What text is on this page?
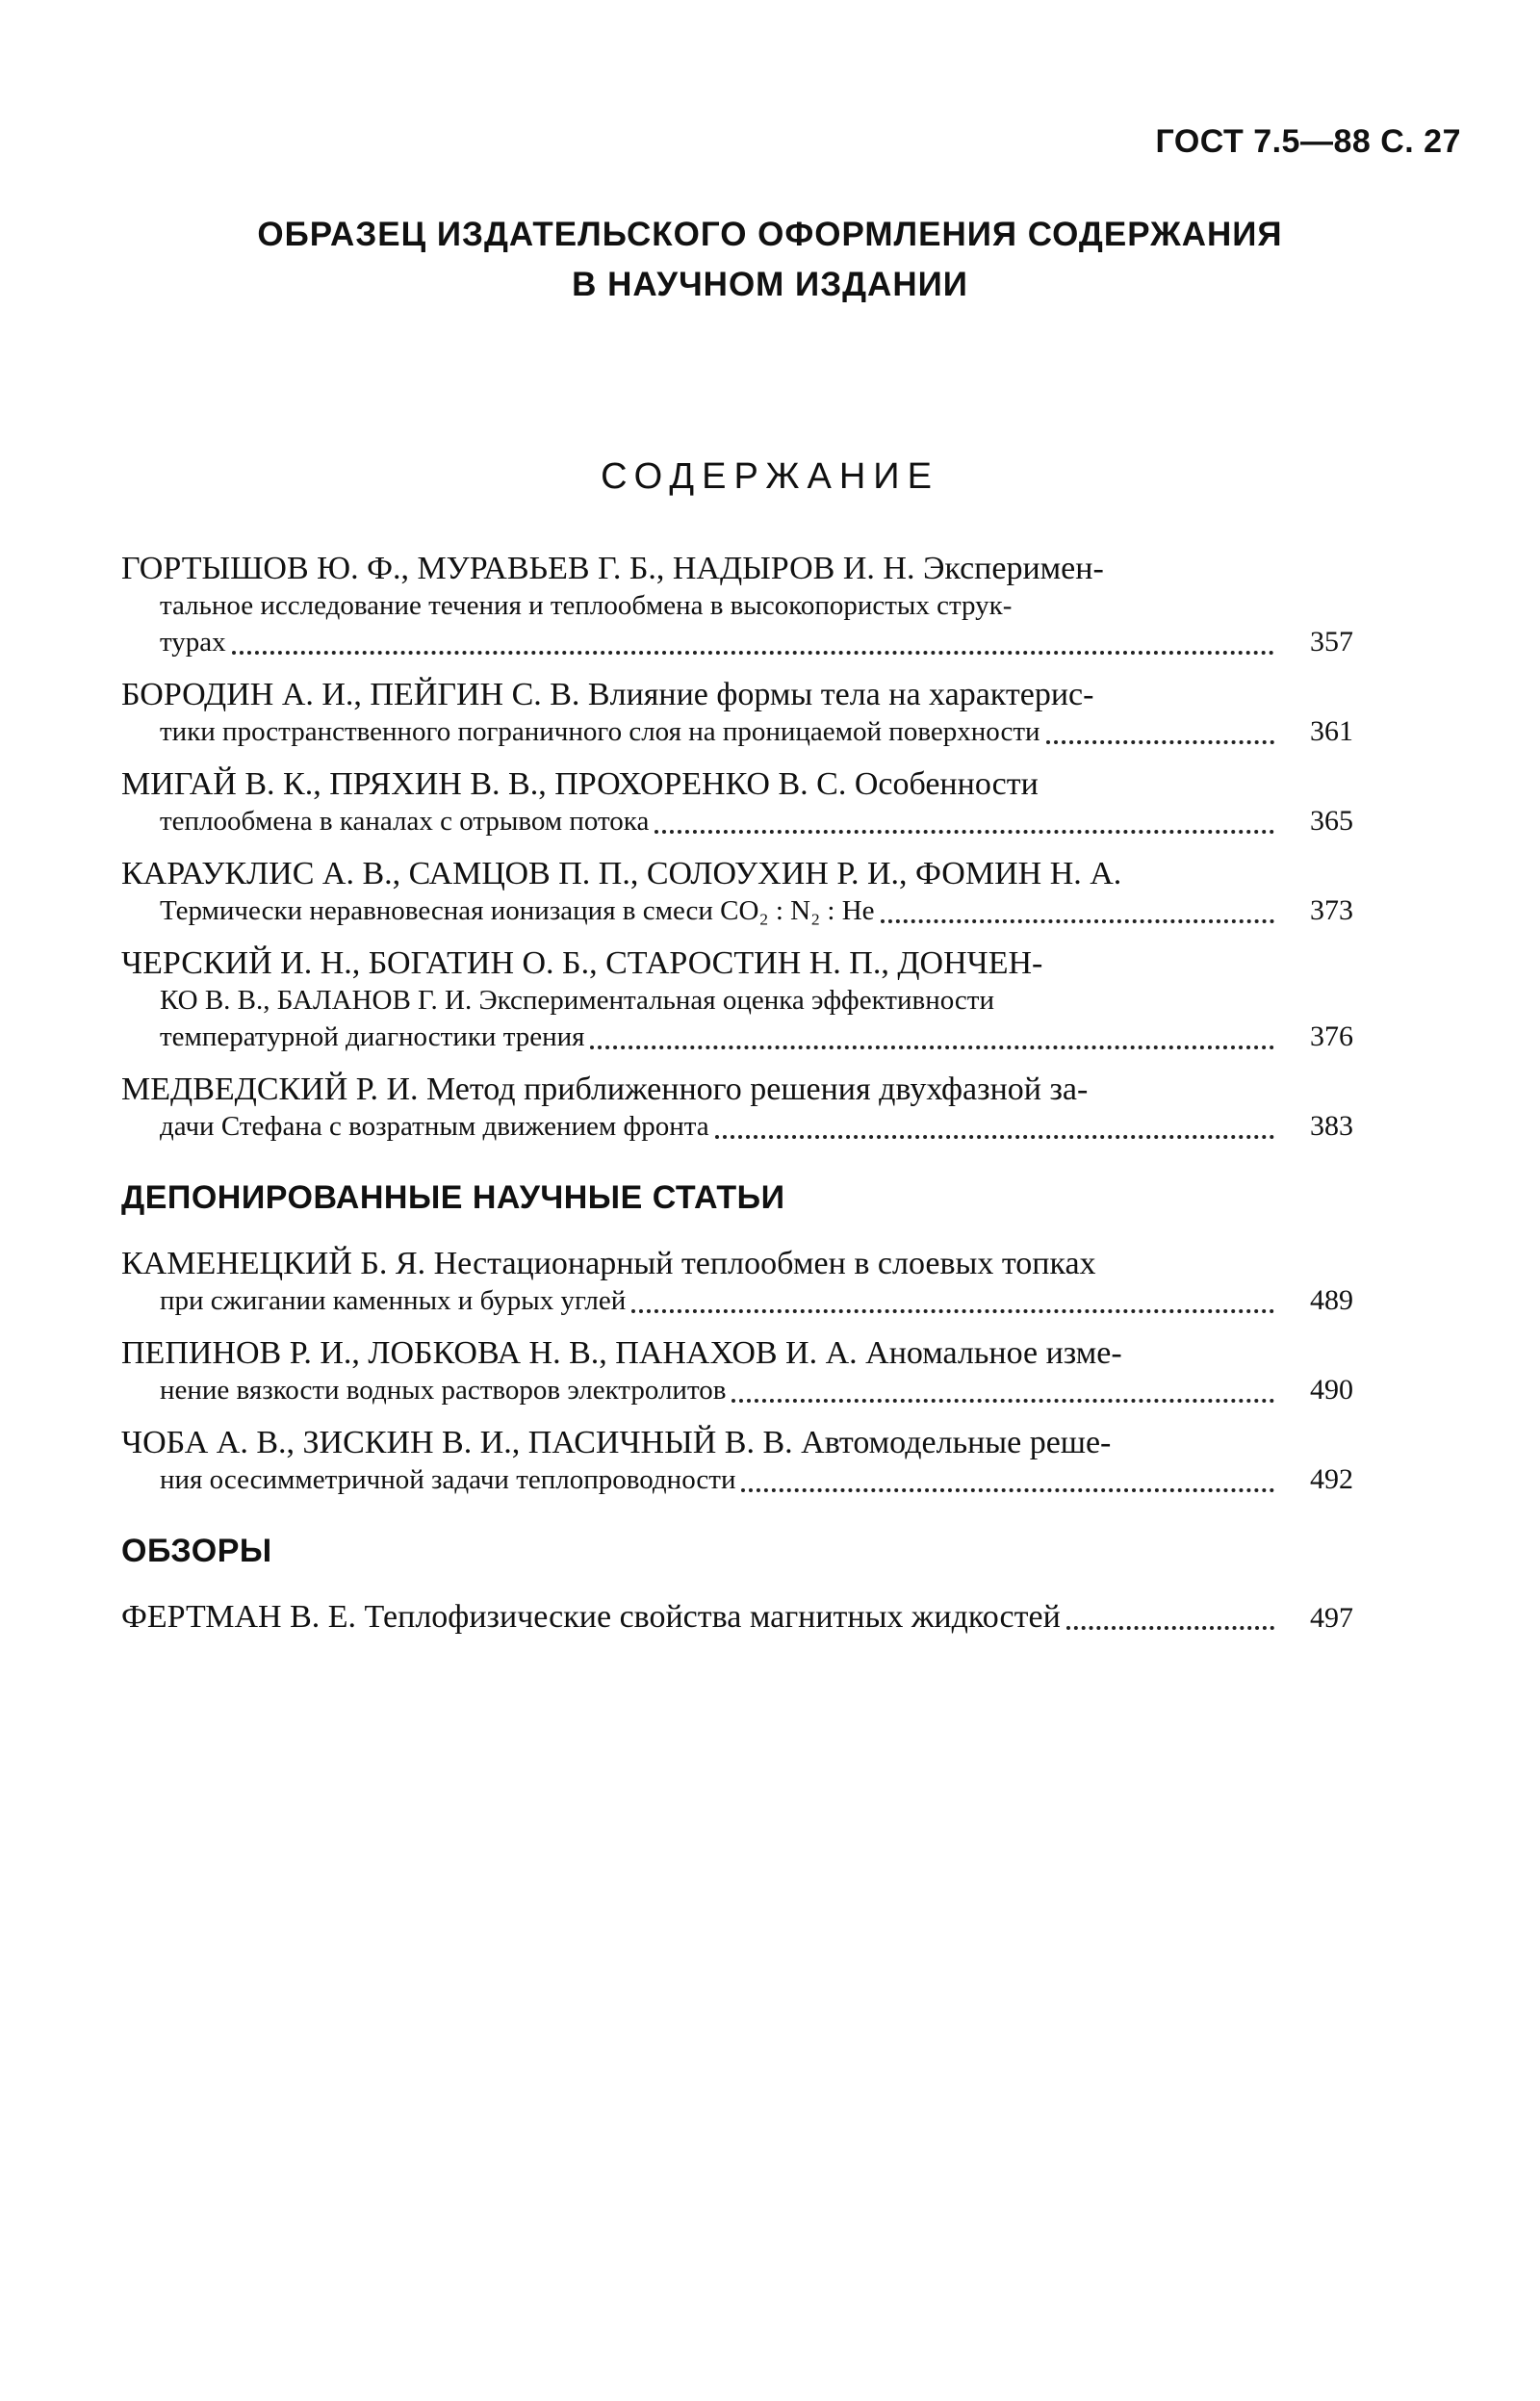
ГОСТ 7.5—88 С. 27
ОБРАЗЕЦ ИЗДАТЕЛЬСКОГО ОФОРМЛЕНИЯ СОДЕРЖАНИЯ
В НАУЧНОМ ИЗДАНИИ
СОДЕРЖАНИЕ
ГОРТЫШОВ Ю. Ф., МУРАВЬЕВ Г. Б., НАДЫРОВ И. Н. Эксперимен-
тальное исследование течения и теплообмена в высокопористых струк-
турах	357
БОРОДИН А. И., ПЕЙГИН С. В. Влияние формы тела на характерис-
тики пространственного пограничного слоя на проницаемой поверхности	361
МИГАЙ В. К., ПРЯХИН В. В., ПРОХОРЕНКО В. С. Особенности
теплообмена в каналах с отрывом потока	365
КАРАУКЛИС А. В., САМЦОВ П. П., СОЛОУХИН Р. И., ФОМИН Н. А.
Термически неравновесная ионизация в смеси CO₂ : N₂ : He	373
ЧЕРСКИЙ И. Н., БОГАТИН О. Б., СТАРОСТИН Н. П., ДОНЧЕН-
КО В. В., БАЛАНОВ Г. И. Экспериментальная оценка эффективности
температурной диагностики трения	376
МЕДВЕДСКИЙ Р. И. Метод приближенного решения двухфазной за-
дачи Стефана с возратным движением фронта	383
ДЕПОНИРОВАННЫЕ НАУЧНЫЕ СТАТЬИ
КАМЕНЕЦКИЙ Б. Я. Нестационарный теплообмен в слоевых топках
при сжигании каменных и бурых углей	489
ПЕПИНОВ Р. И., ЛОБКОВА Н. В., ПАНАХОВ И. А. Аномальное изме-
нение вязкости водных растворов электролитов	490
ЧОБА А. В., ЗИСКИН В. И., ПАСИЧНЫЙ В. В. Автомодельные реше-
ния осесимметричной задачи теплопроводности	492
ОБЗОРЫ
ФЕРТМАН В. Е. Теплофизические свойства магнитных жидкостей	497
